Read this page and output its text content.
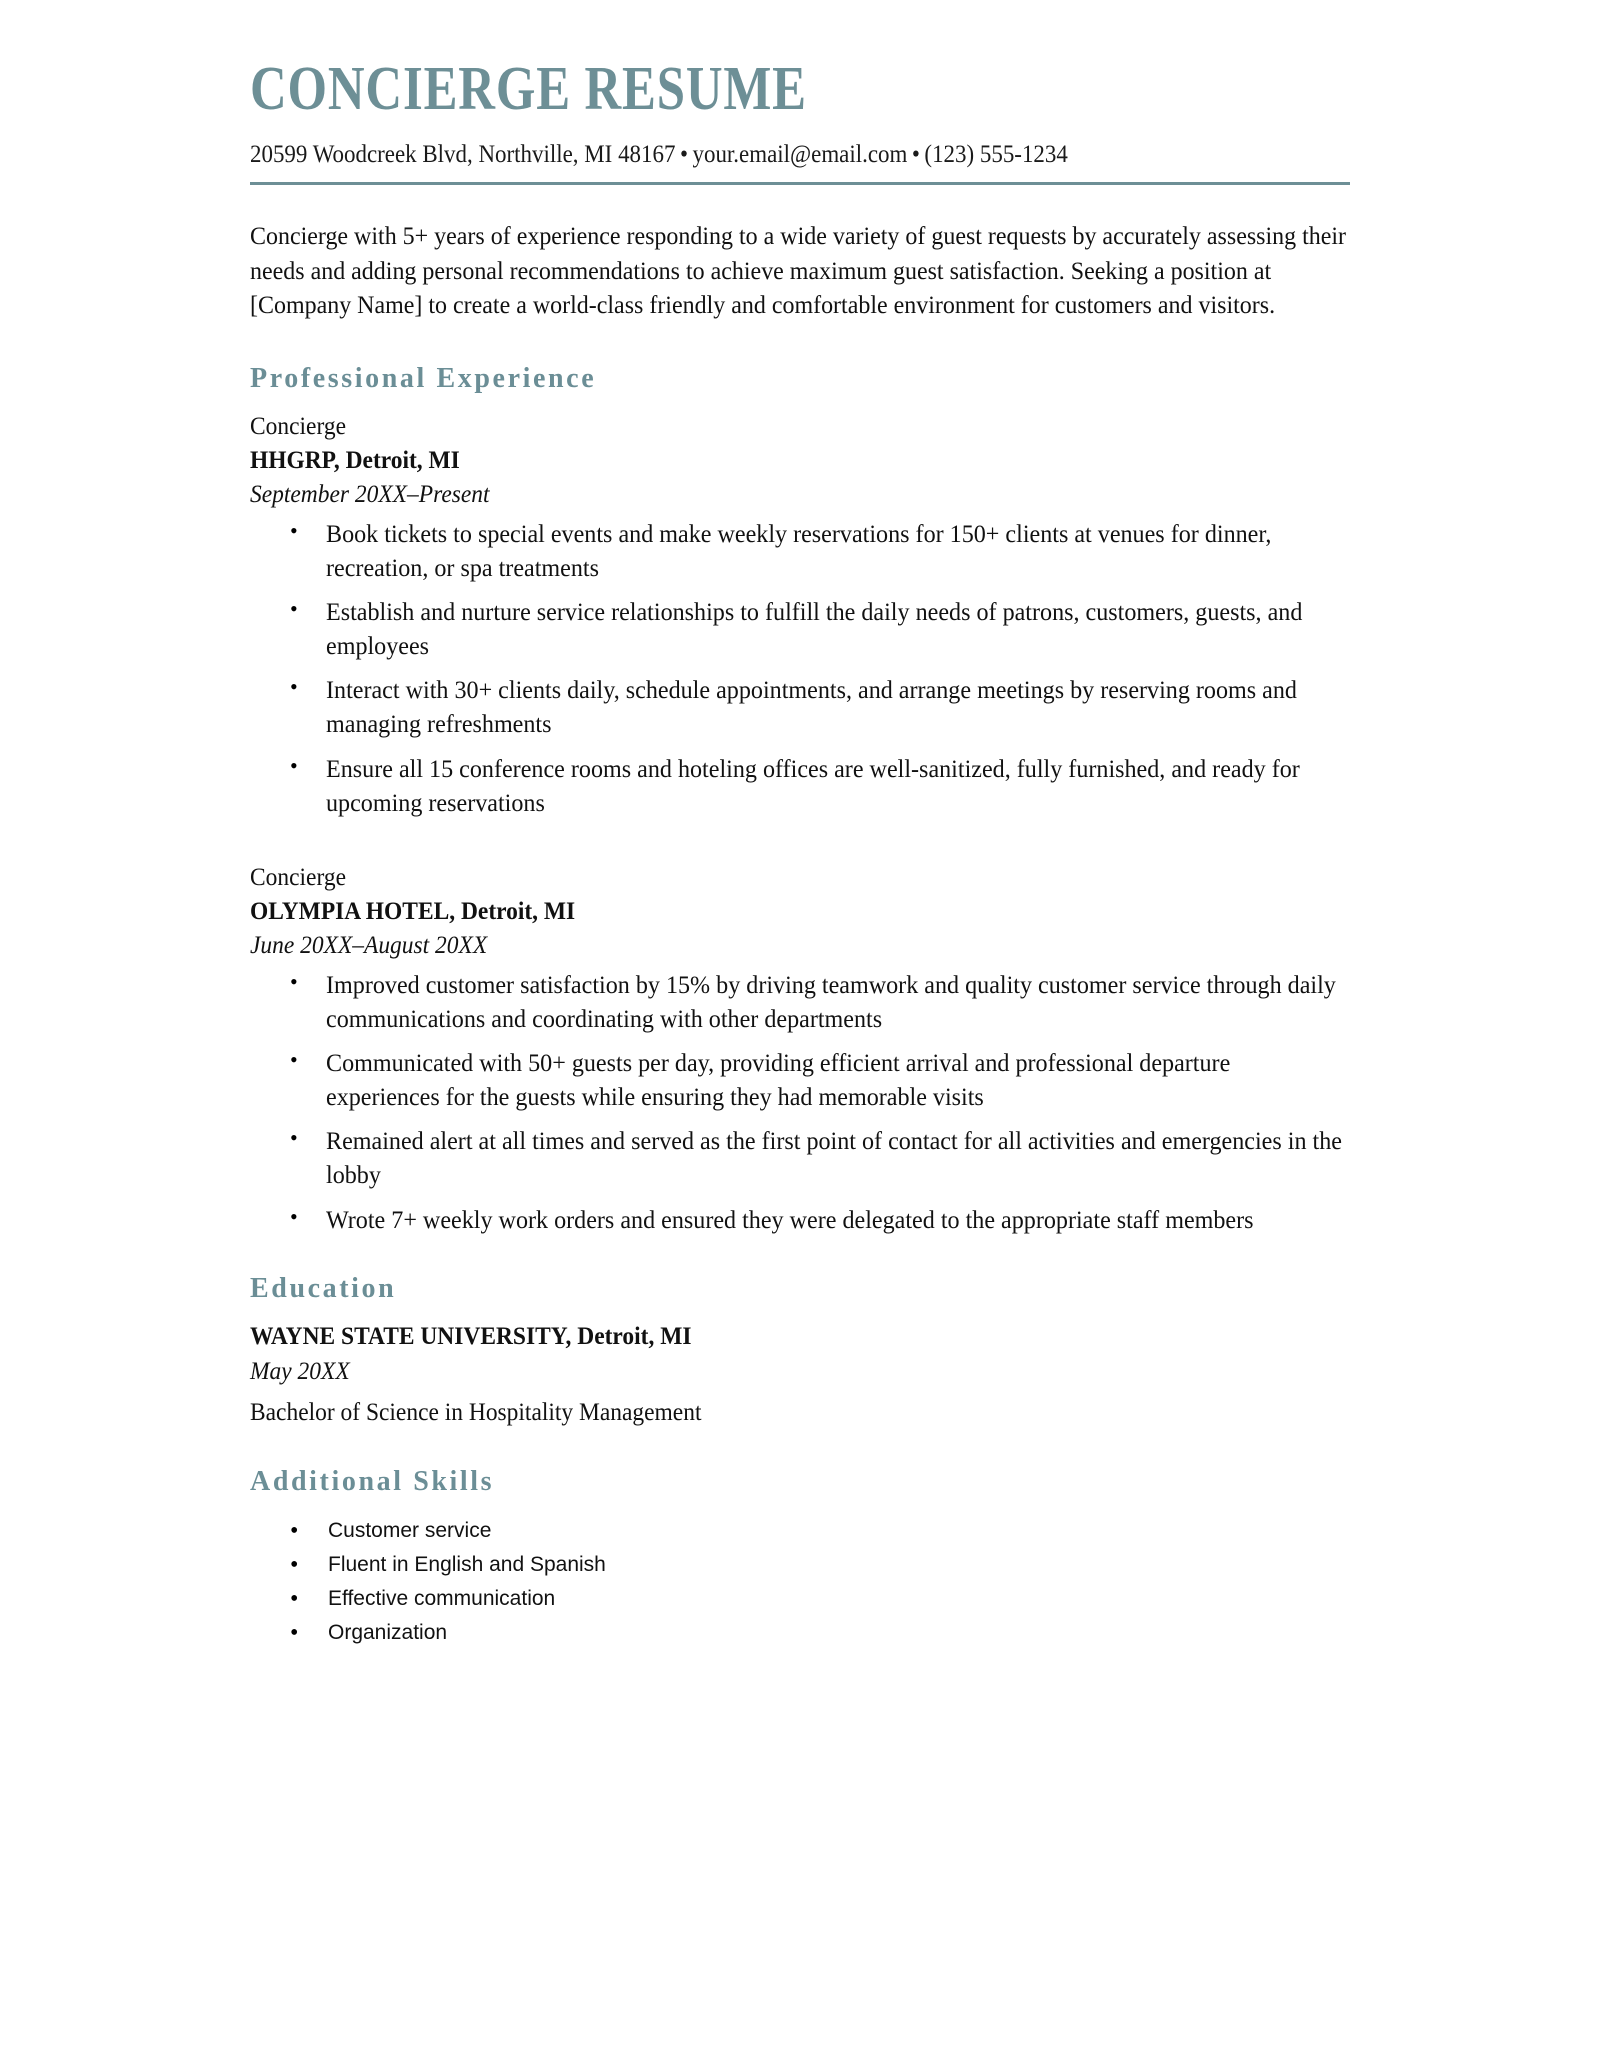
CONCIERGE RESUME
20599 Woodcreek Blvd, Northville, MI 48167 • your.email@email.com • (123) 555-1234

Concierge with 5+ years of experience responding to a wide variety of guest requests by accurately assessing their needs and adding personal recommendations to achieve maximum guest satisfaction. Seeking a position at [Company Name] to create a world-class friendly and comfortable environment for customers and visitors.

Professional Experience
Concierge
HHGRP, Detroit, MI
September 20XX–Present
• Book tickets to special events and make weekly reservations for 150+ clients at venues for dinner, recreation, or spa treatments
• Establish and nurture service relationships to fulfill the daily needs of patrons, customers, guests, and employees
• Interact with 30+ clients daily, schedule appointments, and arrange meetings by reserving rooms and managing refreshments
• Ensure all 15 conference rooms and hoteling offices are well-sanitized, fully furnished, and ready for upcoming reservations
Concierge
OLYMPIA HOTEL, Detroit, MI
June 20XX–August 20XX
• Improved customer satisfaction by 15% by driving teamwork and quality customer service through daily communications and coordinating with other departments
• Communicated with 50+ guests per day, providing efficient arrival and professional departure experiences for the guests while ensuring they had memorable visits
• Remained alert at all times and served as the first point of contact for all activities and emergencies in the lobby
• Wrote 7+ weekly work orders and ensured they were delegated to the appropriate staff members
Education
WAYNE STATE UNIVERSITY, Detroit, MI
May 20XX
Bachelor of Science in Hospitality Management
Additional Skills
• Customer service
• Fluent in English and Spanish
• Effective communication
• Organization
